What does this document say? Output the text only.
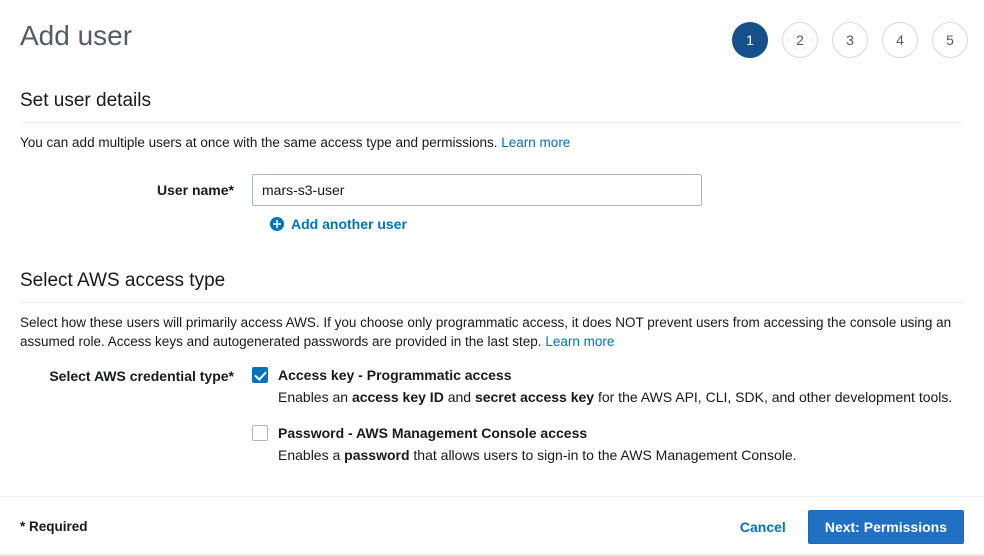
Add user	1	2	3	4	5
Set user details

You can add multiple users at once with the same access type and permissions. Learn more

User name*
mars-s3-user
Add another user
Select AWS access type

Select how these users will primarily access AWS. If you choose only programmatic access, it does NOT prevent users from accessing the console using an assumed role. Access keys and autogenerated passwords are provided in the last step. Learn more

Select AWS credential type*	Access key - Programmatic access
Enables an access key ID and secret access key for the AWS API, CLI, SDK, and other development tools.
Password - AWS Management Console access
Enables a password that allows users to sign-in to the AWS Management Console.
* Required	Cancel	Next: Permissions
